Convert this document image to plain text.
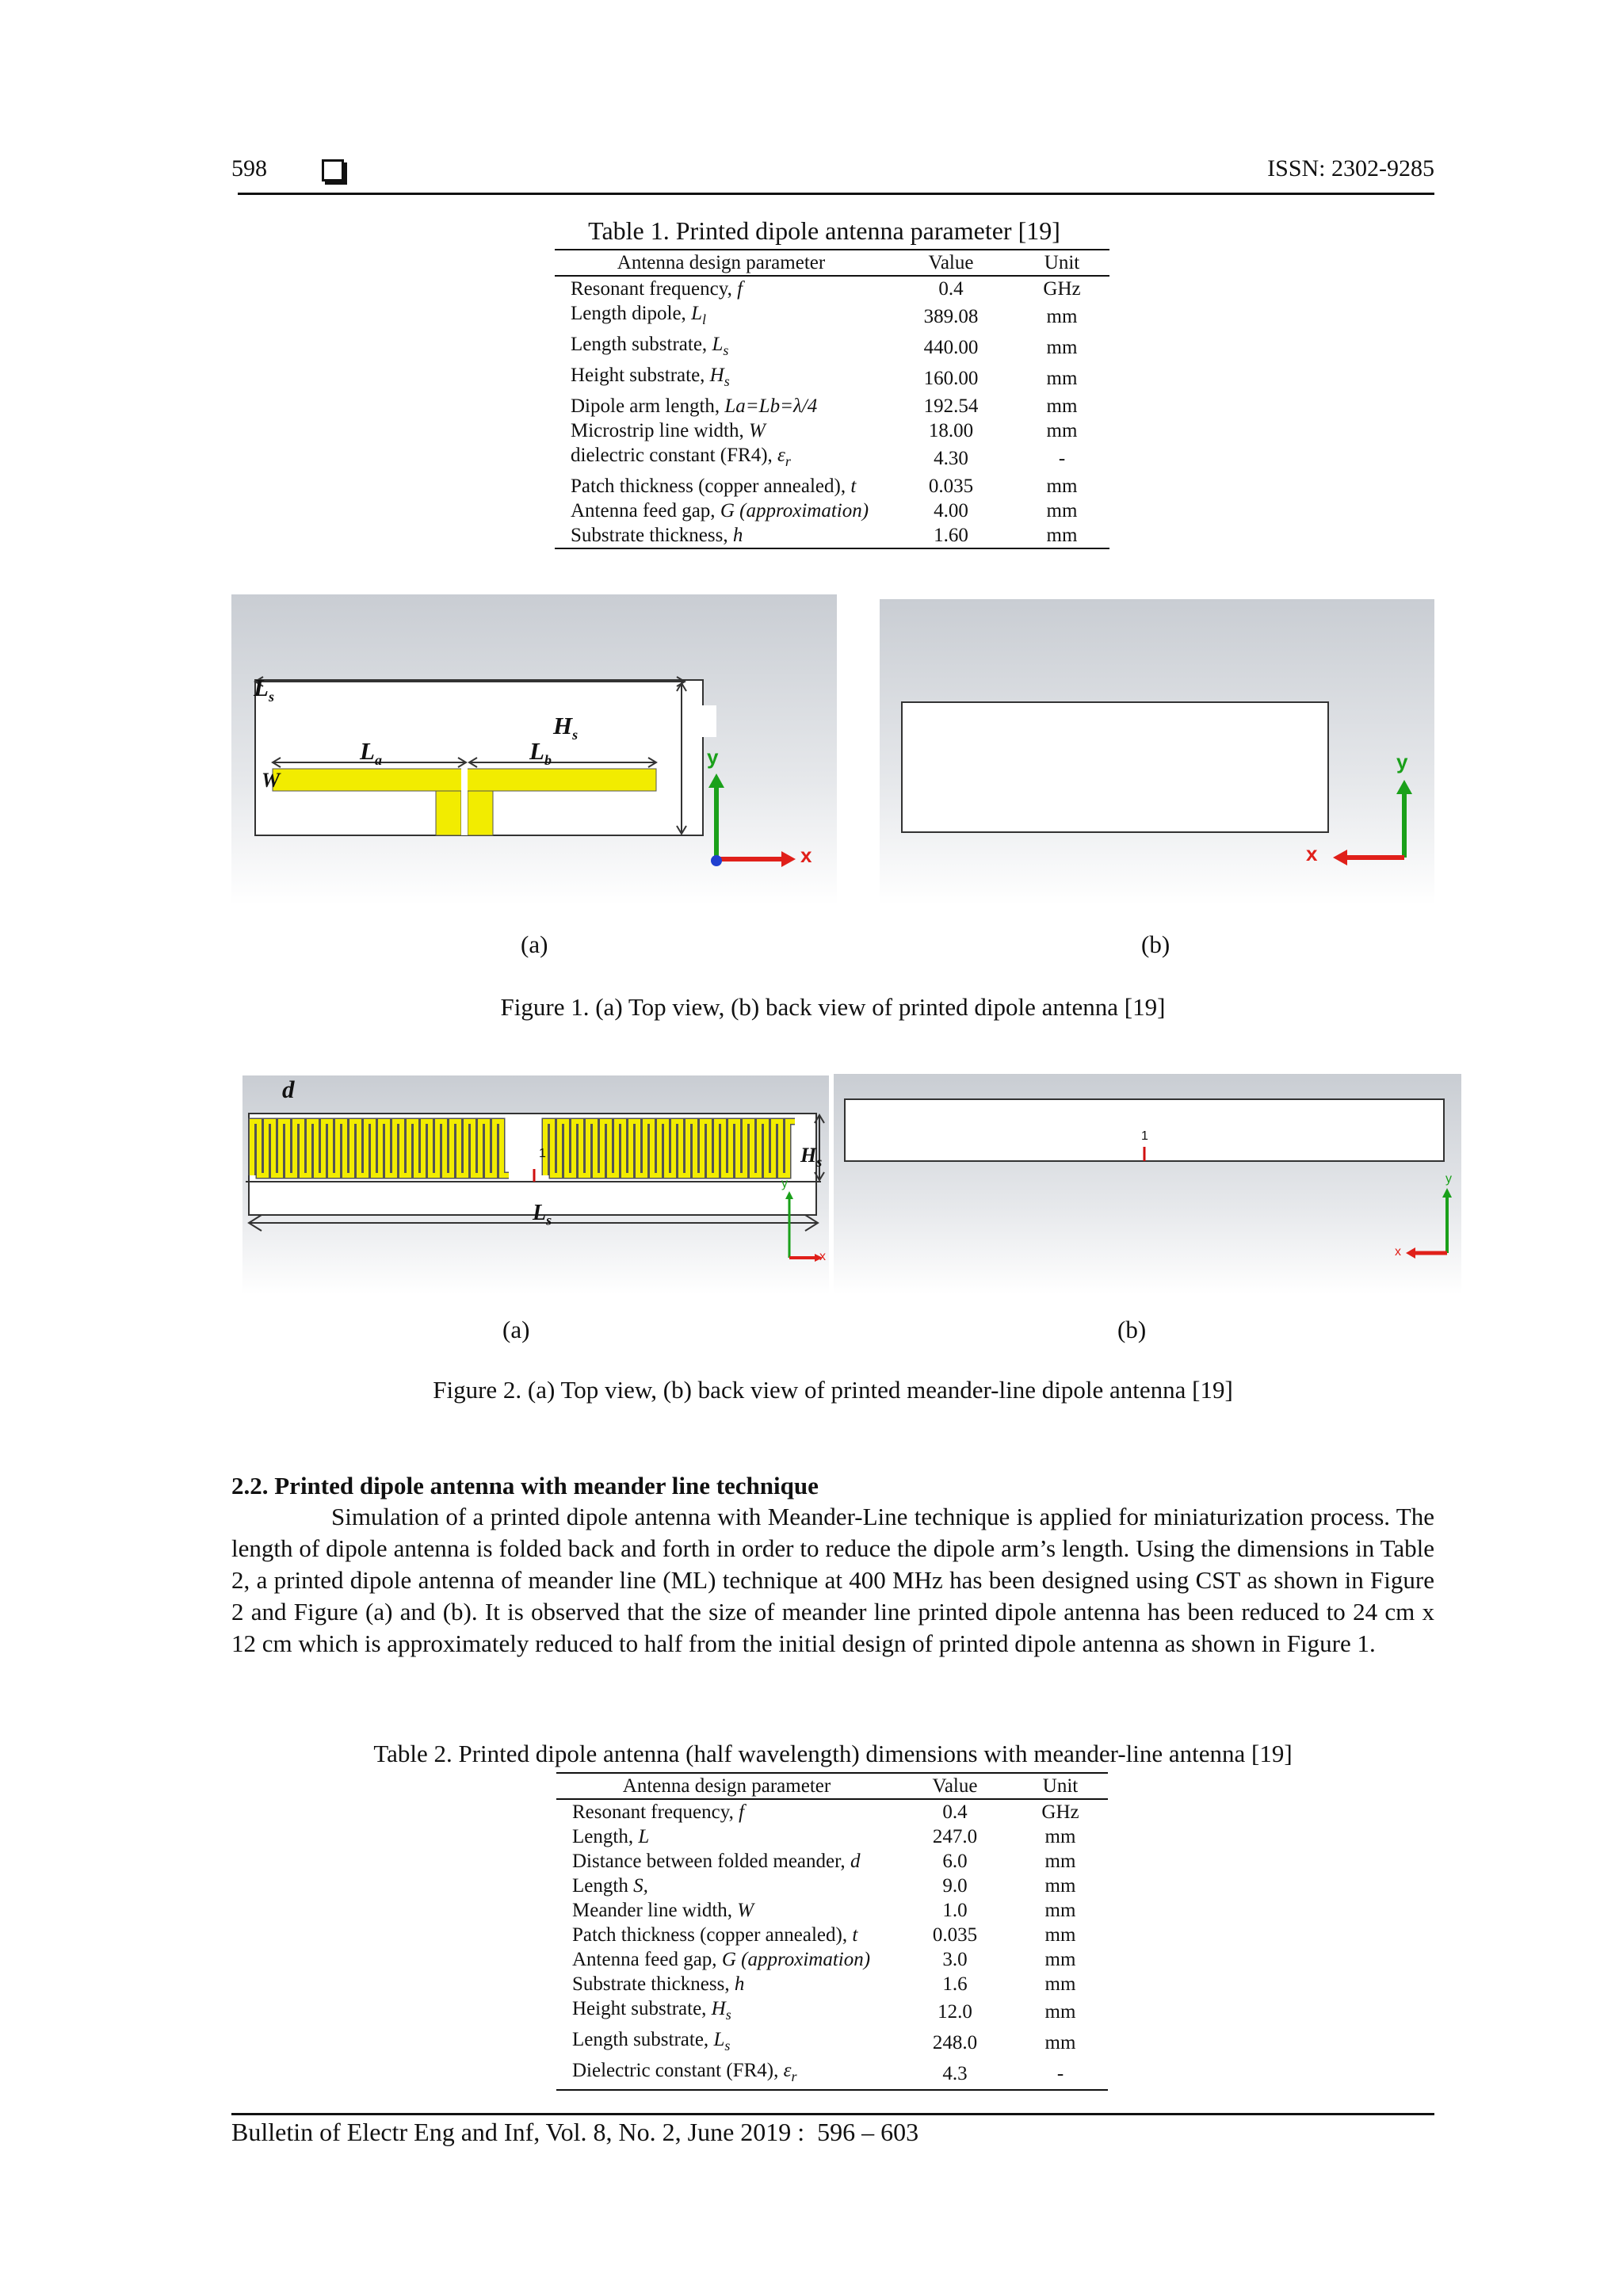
598	ISSN: 2302-9285
Table 1. Printed dipole antenna parameter [19]
Antenna design parameter	Value	Unit
Resonant frequency, f	0.4	GHz
Length dipole, $L_l$	389.08	mm
Length substrate, $L_s$	440.00	mm
Height substrate, $H_s$	160.00	mm
Dipole arm length, La=Lb=λ/4	192.54	mm
Microstrip line width, W	18.00	mm
dielectric constant (FR4), $\varepsilon_r$	4.30	-
Patch thickness (copper annealed), t	0.035	mm
Antenna feed gap, G (approximation)	4.00	mm
Substrate thickness, h	1.60	mm
$L_s$
$H_s$
$L_a$	$L_b$
W
y
x
y
x
(a)	(b)
Figure 1. (a) Top view, (b) back view of printed dipole antenna [19]
d
$H_s$
$L_s$
1
y
x
1
y
x
(a)	(b)
Figure 2. (a) Top view, (b) back view of printed meander-line dipole antenna [19]
2.2. Printed dipole antenna with meander line technique
Simulation of a printed dipole antenna with Meander-Line technique is applied for miniaturization process. The length of dipole antenna is folded back and forth in order to reduce the dipole arm’s length. Using the dimensions in Table 2, a printed dipole antenna of meander line (ML) technique at 400 MHz has been designed using CST as shown in Figure 2 and Figure (a) and (b). It is observed that the size of meander line printed dipole antenna has been reduced to 24 cm x 12 cm which is approximately reduced to half from the initial design of printed dipole antenna as shown in Figure 1.
Table 2. Printed dipole antenna (half wavelength) dimensions with meander-line antenna [19]
Antenna design parameter	Value	Unit
Resonant frequency, f	0.4	GHz
Length, L	247.0	mm
Distance between folded meander, d	6.0	mm
Length S,	9.0	mm
Meander line width, W	1.0	mm
Patch thickness (copper annealed), t	0.035	mm
Antenna feed gap, G (approximation)	3.0	mm
Substrate thickness, h	1.6	mm
Height substrate, $H_s$	12.0	mm
Length substrate, $L_s$	248.0	mm
Dielectric constant (FR4), $\varepsilon_r$	4.3	-
Bulletin of Electr Eng and Inf, Vol. 8, No. 2, June 2019 :  596 – 603
